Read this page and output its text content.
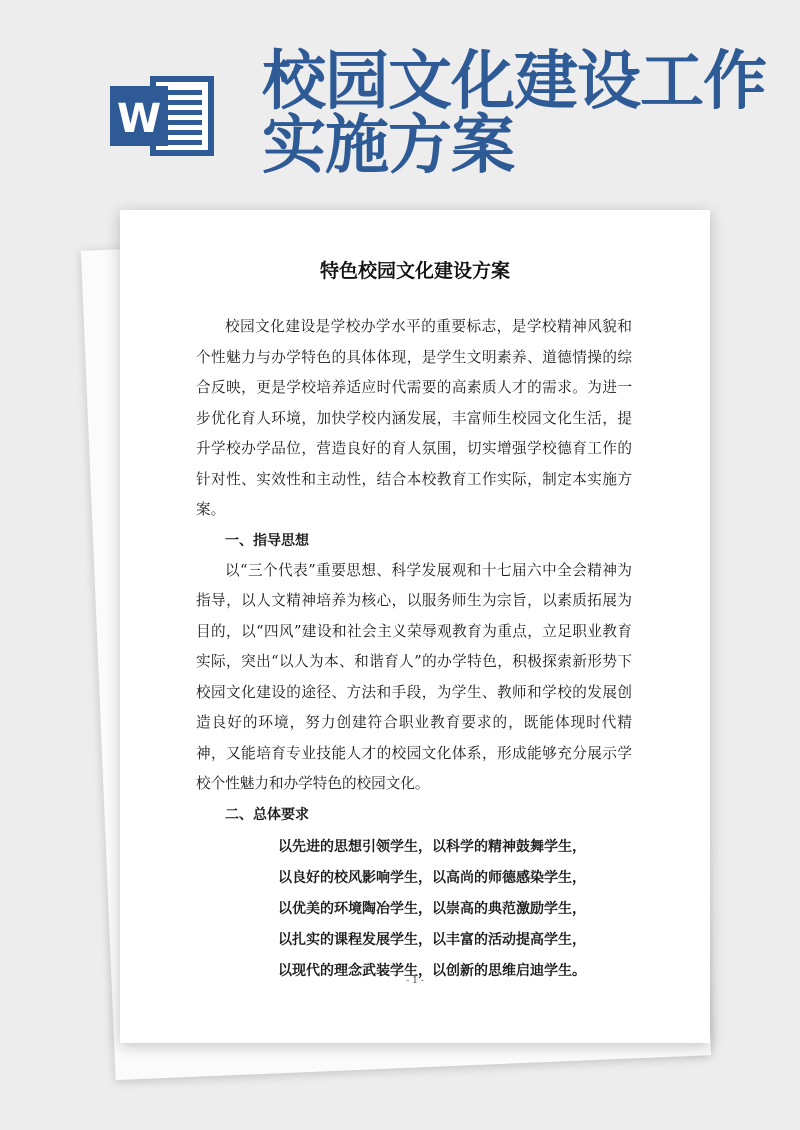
W 校园文化建设工作
实施方案
特色校园文化建设方案

校园文化建设是学校办学水平的重要标志，是学校精神风貌和个性魅力与办学特色的具体体现，是学生文明素养、道德情操的综合反映，更是学校培养适应时代需要的高素质人才的需求。为进一步优化育人环境，加快学校内涵发展，丰富师生校园文化生活，提升学校办学品位，营造良好的育人氛围，切实增强学校德育工作的针对性、实效性和主动性，结合本校教育工作实际，制定本实施方案。

一、指导思想

以“三个代表”重要思想、科学发展观和十七届六中全会精神为指导，以人文精神培养为核心，以服务师生为宗旨，以素质拓展为目的，以“四风”建设和社会主义荣辱观教育为重点，立足职业教育实际，突出“以人为本、和谐育人”的办学特色，积极探索新形势下校园文化建设的途径、方法和手段，为学生、教师和学校的发展创造良好的环境，努力创建符合职业教育要求的，既能体现时代精神，又能培育专业技能人才的校园文化体系，形成能够充分展示学校个性魅力和办学特色的校园文化。

二、总体要求
以先进的思想引领学生，以科学的精神鼓舞学生，
以良好的校风影响学生，以高尚的师德感染学生，
以优美的环境陶冶学生，以崇高的典范激励学生，
以扎实的课程发展学生，以丰富的活动提高学生，
以现代的理念武装学生，以创新的思维启迪学生。
- 1 -
